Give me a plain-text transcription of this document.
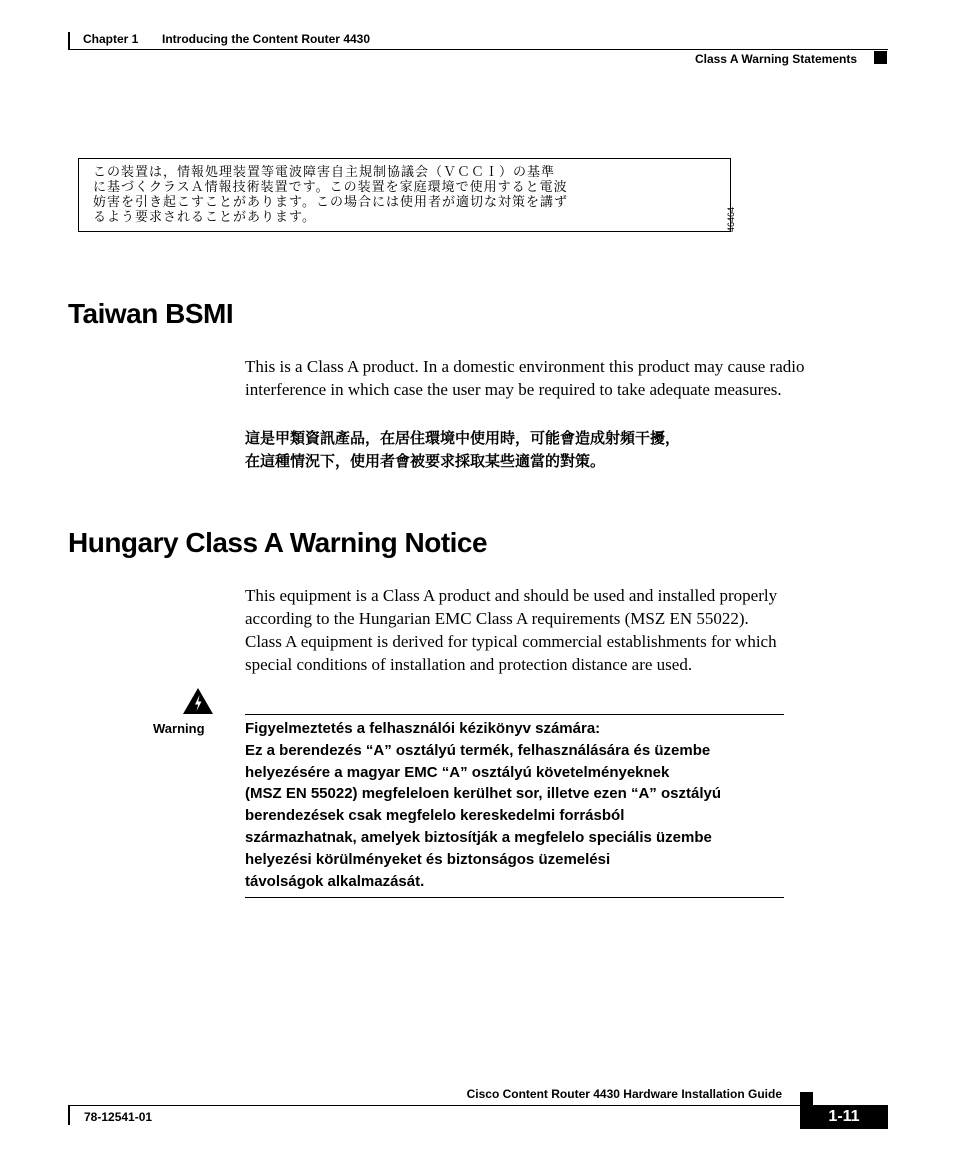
Chapter 1 Introducing the Content Router 4430
Class A Warning Statements
この装置は，情報処理装置等電波障害自主規制協議会（ＶＣＣＩ）の基準
に基づくクラスＡ情報技術装置です。この装置を家庭環境で使用すると電波
妨害を引き起こすことがあります。この場合には使用者が適切な対策を講ず
るよう要求されることがあります。	46464
Taiwan BSMI
This is a Class A product. In a domestic environment this product may cause radio
interference in which case the user may be required to take adequate measures.
這是甲類資訊產品，在居住環境中使用時，可能會造成射頻干擾，
在這種情況下，使用者會被要求採取某些適當的對策。
Hungary Class A Warning Notice
This equipment is a Class A product and should be used and installed properly
according to the Hungarian EMC Class A requirements (MSZ EN 55022).
Class A equipment is derived for typical commercial establishments for which
special conditions of installation and protection distance are used.
Warning	Figyelmeztetés a felhasználói kézikönyv számára:
Ez a berendezés “A” osztályú termék, felhasználására és üzembe
helyezésére a magyar EMC “A” osztályú követelményeknek
(MSZ EN 55022) megfeleloen kerülhet sor, illetve ezen “A” osztályú
berendezések csak megfelelo kereskedelmi forrásból
származhatnak, amelyek biztosítják a megfelelo speciális üzembe
helyezési körülményeket és biztonságos üzemelési
távolságok alkalmazását.
Cisco Content Router 4430 Hardware Installation Guide
78-12541-01	1-11
